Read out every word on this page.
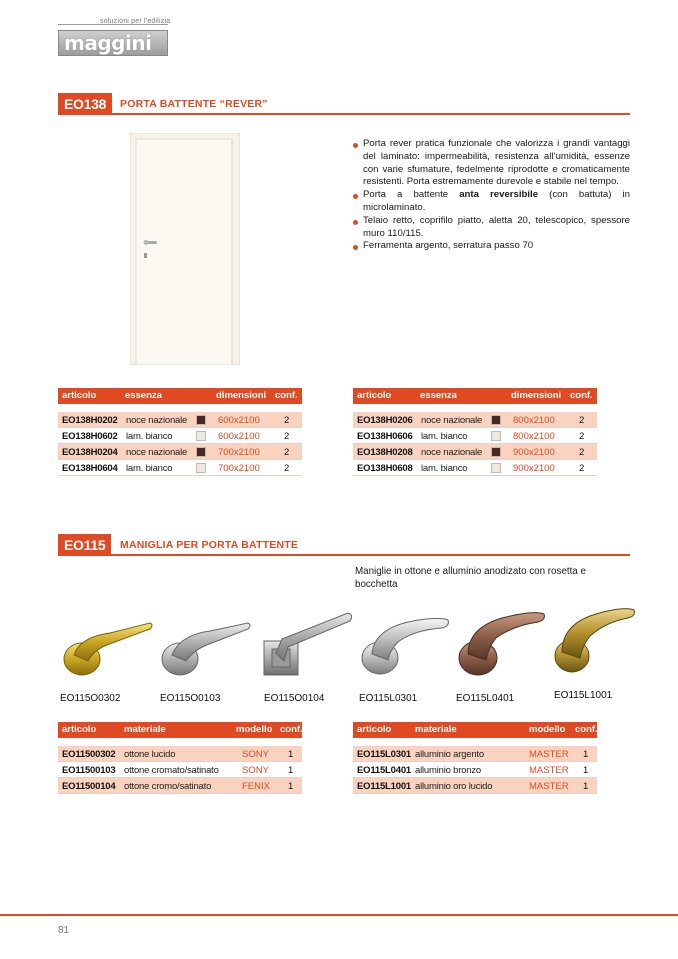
soluzioni per l'edilizia
maggini
EO138	PORTA BATTENTE “REVER”
Porta rever pratica funzionale che valorizza i grandi vantaggi del laminato: impermeabilità, resistenza all’umidità, essenze con varie sfumature, fedelmente riprodotte e cromaticamente resistenti. Porta estremamente durevole e stabile nel tempo.
Porta a battente anta reversibile (con battuta) in microlaminato.
Telaio retto, coprifilo piatto, aletta 20, telescopico, spessore muro 110/115.
Ferramenta argento, serratura passo 70
articolo	essenza	dimensioni conf.
EO138H0202 noce nazionale	600x2100	2
EO138H0602 lam. bianco	600x2100	2
EO138H0204 noce nazionale	700x2100	2
EO138H0604 lam. bianco	700x2100	2
articolo	essenza	dimensioni conf.
EO138H0206 noce nazionale	800x2100	2
EO138H0606 lam. bianco	800x2100	2
EO138H0208 noce nazionale	900x2100	2
EO138H0608 lam. bianco	900x2100	2
EO115	MANIGLIA PER PORTA BATTENTE
Maniglie in ottone e alluminio anodizato con rosetta e bocchetta
EO115O0302	EO115O0103	EO115O0104	EO115L0301	EO115L0401	EO115L1001
articolo	materiale	modello conf.
EO11500302 ottone lucido	SONY 1
EO11500103 ottone cromato/satinato SONY 1
EO11500104 ottone cromo/satinato	FENIX 1
articolo materiale	modello conf.
EO115L0301 alluminio argento	MASTER 1
EO115L0401 alluminio bronzo	MASTER 1
EO115L1001 alluminio oro lucido	MASTER 1
81
